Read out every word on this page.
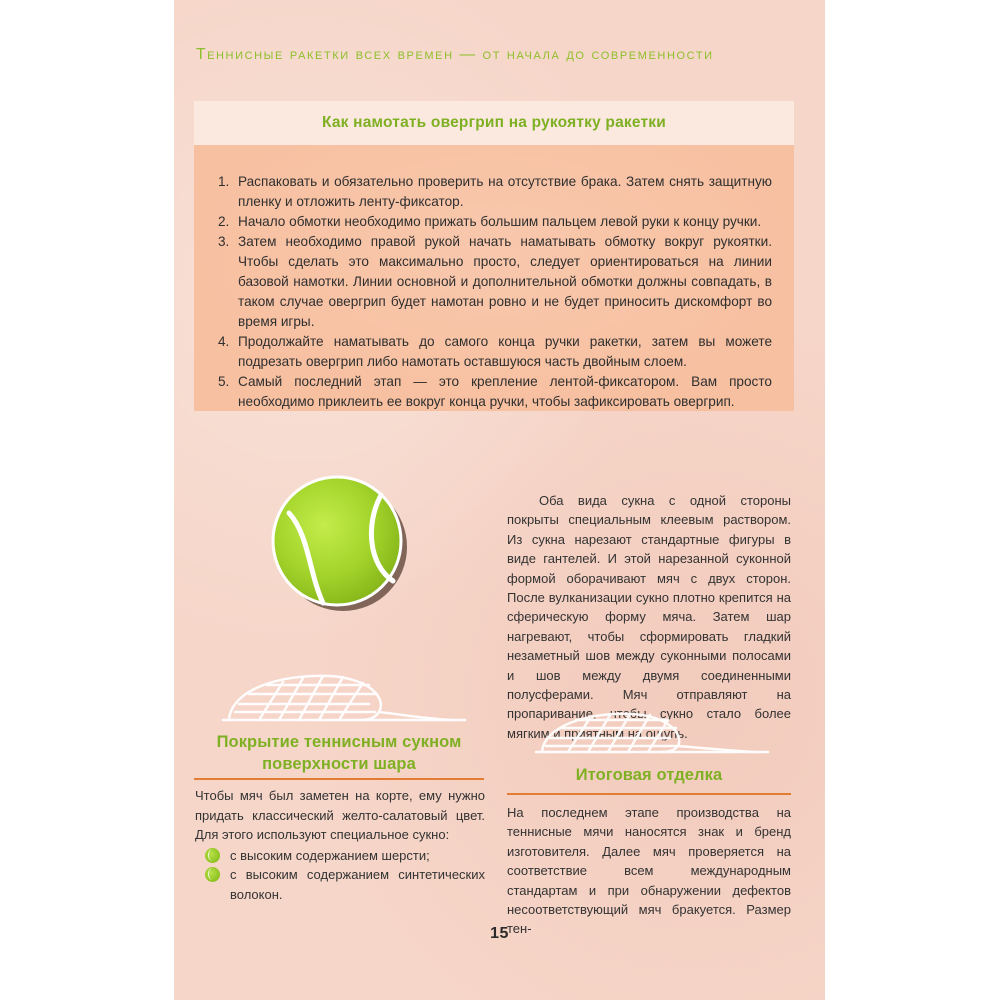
Теннисные ракетки всех времен — от начала до современности
Как намотать овергрип на рукоятку ракетки
1. Распаковать и обязательно проверить на отсутствие брака. Затем снять защитную пленку и отложить ленту-фиксатор.
2. Начало обмотки необходимо прижать большим пальцем левой руки к концу ручки.
3. Затем необходимо правой рукой начать наматывать обмотку вокруг рукоятки. Чтобы сделать это максимально просто, следует ориентироваться на линии базовой намотки. Линии основной и дополнительной обмотки должны совпадать, в таком случае овергрип будет намотан ровно и не будет приносить дискомфорт во время игры.
4. Продолжайте наматывать до самого конца ручки ракетки, затем вы можете подрезать овергрип либо намотать оставшуюся часть двойным слоем.
5. Самый последний этап — это крепление лентой-фиксатором. Вам просто необходимо приклеить ее вокруг конца ручки, чтобы зафиксировать овергрип.
Оба вида сукна с одной стороны покрыты специальным клеевым раствором. Из сукна нарезают стандартные фигуры в виде гантелей. И этой нарезанной суконной формой оборачивают мяч с двух сторон. После вулканизации сукно плотно крепится на сферическую форму мяча. Затем шар нагревают, чтобы сформировать гладкий незаметный шов между суконными полосами и шов между двумя соединенными полусферами. Мяч отправляют на пропаривание, чтобы сукно стало более мягким и приятным на ощупь.
Покрытие теннисным сукном
поверхности шара
Чтобы мяч был заметен на корте, ему нужно придать классический желто-салатовый цвет. Для этого используют специальное сукно:
с высоким содержанием шерсти;
с высоким содержанием синтетических волокон.
Итоговая отделка
На последнем этапе производства на теннисные мячи наносятся знак и бренд изготовителя. Далее мяч проверяется на соответствие всем международным стандартам и при обнаружении дефектов несоответствующий мяч бракуется. Размер тен-
15
